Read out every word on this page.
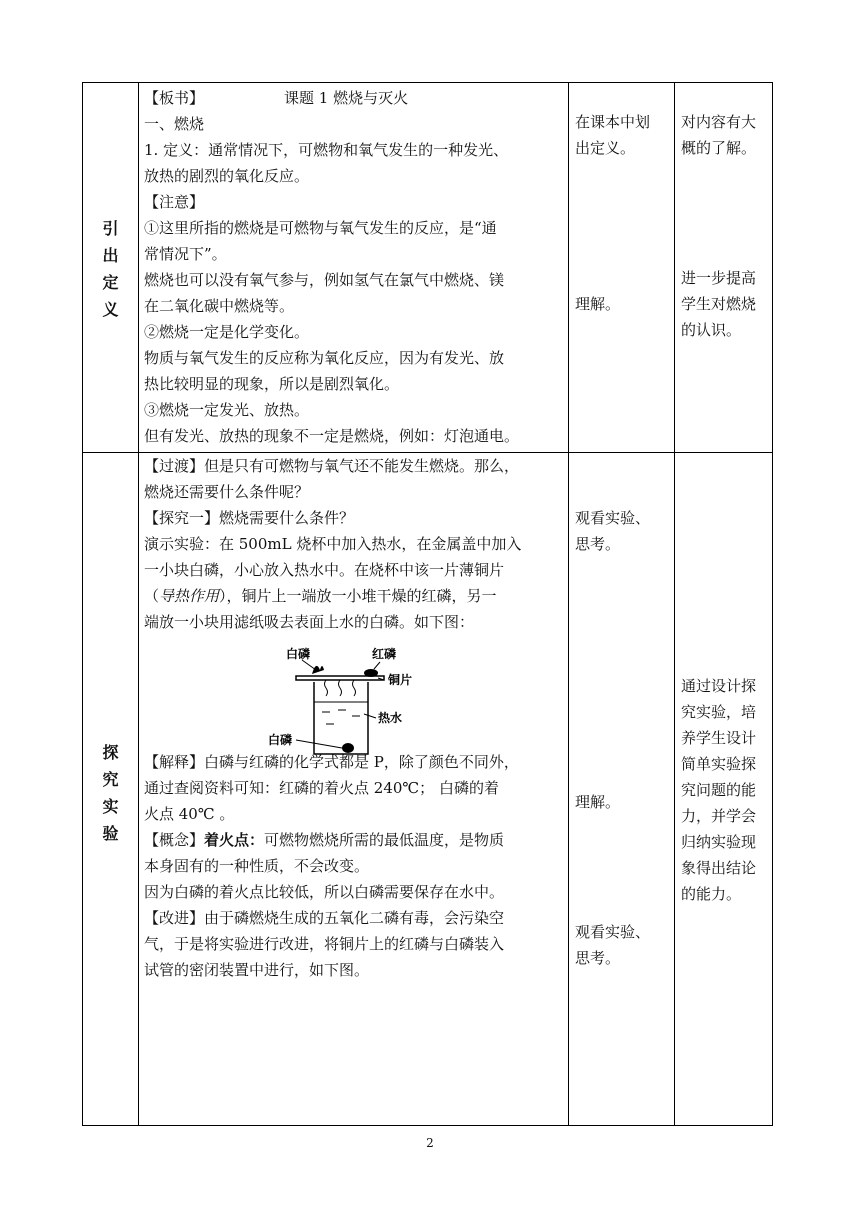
引
出
定
义

【板书】	课题 1 燃烧与灭火

一、燃烧

1. 定义：通常情况下，可燃物和氧气发生的一种发光、

放热的剧烈的氧化反应。

【注意】

①这里所指的燃烧是可燃物与氧气发生的反应，是“通

常情况下”。

燃烧也可以没有氧气参与，例如氢气在氯气中燃烧、镁

在二氧化碳中燃烧等。

②燃烧一定是化学变化。

物质与氧气发生的反应称为氧化反应，因为有发光、放

热比较明显的现象，所以是剧烈氧化。

③燃烧一定发光、放热。

但有发光、放热的现象不一定是燃烧，例如：灯泡通电。

在课本中划

出定义。

理解。

对内容有大

概的了解。

进一步提高

学生对燃烧

的认识。

探
究
实
验

【过渡】但是只有可燃物与氧气还不能发生燃烧。那么，

燃烧还需要什么条件呢？

【探究一】燃烧需要什么条件？

演示实验：在 500mL 烧杯中加入热水，在金属盖中加入

一小块白磷，小心放入热水中。在烧杯中该一片薄铜片

（导热作用），铜片上一端放一小堆干燥的红磷，另一

端放一小块用滤纸吸去表面上水的白磷。如下图：

【解释】白磷与红磷的化学式都是 P，除了颜色不同外，

通过查阅资料可知：红磷的着火点 240℃； 白磷的着

火点 40℃ 。

【概念】着火点：可燃物燃烧所需的最低温度，是物质

本身固有的一种性质，不会改变。

因为白磷的着火点比较低，所以白磷需要保存在水中。

【改进】由于磷燃烧生成的五氧化二磷有毒，会污染空

气，于是将实验进行改进，将铜片上的红磷与白磷装入

试管的密闭装置中进行，如下图。

观看实验、

思考。

理解。

观看实验、

思考。

通过设计探

究实验，培

养学生设计

简单实验探

究问题的能

力，并学会

归纳实验现

象得出结论

的能力。

白磷	红磷
铜片
热水
白磷
2
